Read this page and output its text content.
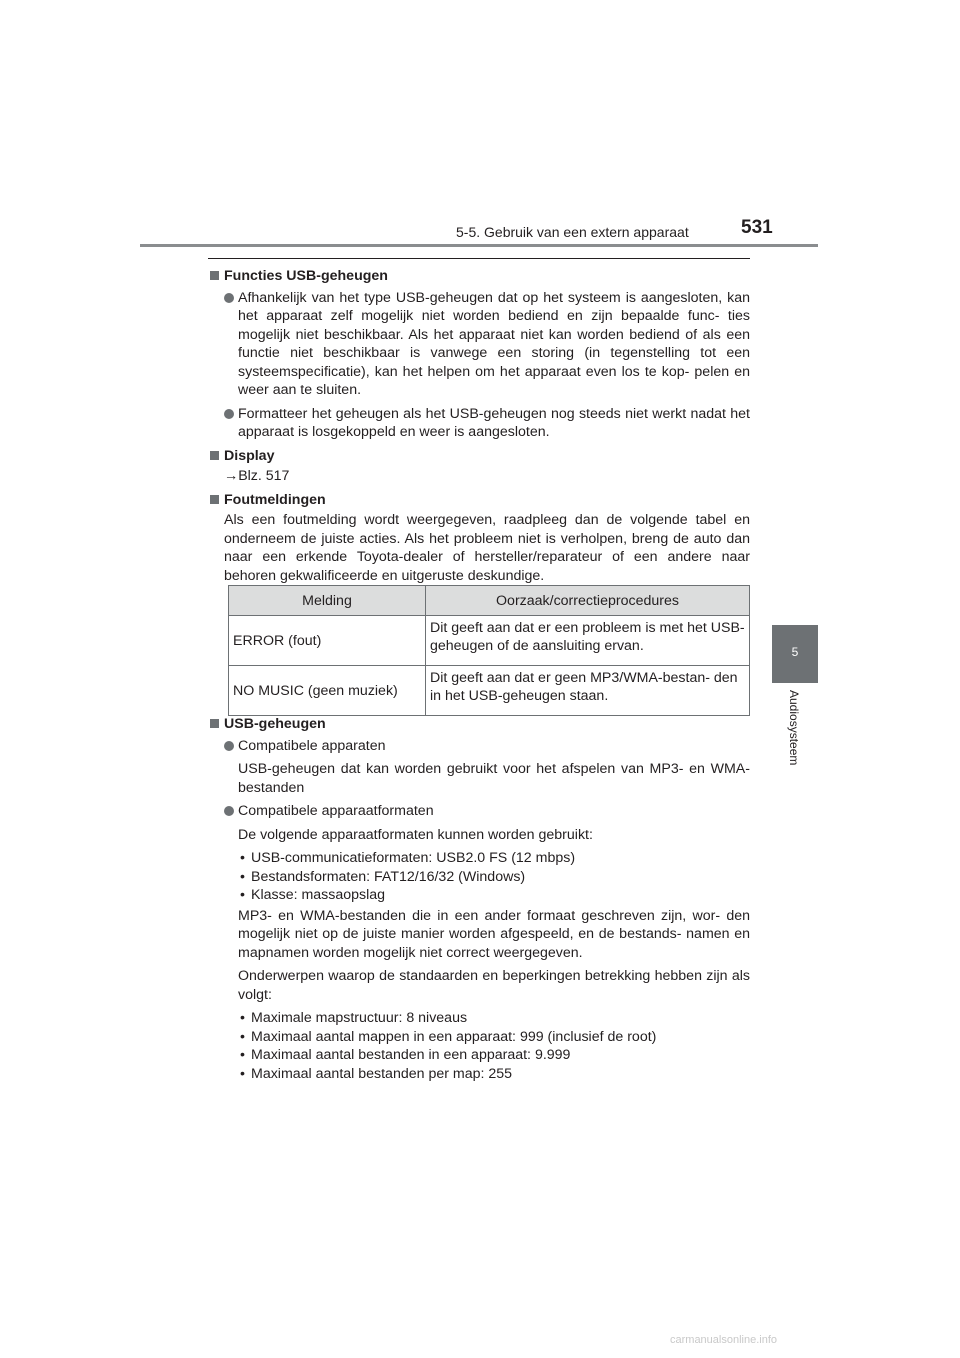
5-5. Gebruik van een extern apparaat	531
5
Audiosysteem
Functies USB-geheugen
Afhankelijk van het type USB-geheugen dat op het systeem is aangesloten, kan het apparaat zelf mogelijk niet worden bediend en zijn bepaalde func- ties mogelijk niet beschikbaar. Als het apparaat niet kan worden bediend of als een functie niet beschikbaar is vanwege een storing (in tegenstelling tot een systeemspecificatie), kan het helpen om het apparaat even los te kop- pelen en weer aan te sluiten.
Formatteer het geheugen als het USB-geheugen nog steeds niet werkt nadat het apparaat is losgekoppeld en weer is aangesloten.
Display
→Blz. 517
Foutmeldingen
Als een foutmelding wordt weergegeven, raadpleeg dan de volgende tabel en onderneem de juiste acties. Als het probleem niet is verholpen, breng de auto dan naar een erkende Toyota-dealer of hersteller/reparateur of een andere naar behoren gekwalificeerde en uitgeruste deskundige.
Melding	Oorzaak/correctieprocedures
ERROR (fout)	Dit geeft aan dat er een probleem is met het USB-geheugen of de aansluiting ervan.
NO MUSIC (geen muziek)	Dit geeft aan dat er geen MP3/WMA-bestan- den in het USB-geheugen staan.
USB-geheugen
Compatibele apparaten
USB-geheugen dat kan worden gebruikt voor het afspelen van MP3- en WMA-bestanden
Compatibele apparaatformaten
De volgende apparaatformaten kunnen worden gebruikt:
• USB-communicatieformaten: USB2.0 FS (12 mbps)
• Bestandsformaten: FAT12/16/32 (Windows)
• Klasse: massaopslag
MP3- en WMA-bestanden die in een ander formaat geschreven zijn, wor- den mogelijk niet op de juiste manier worden afgespeeld, en de bestands- namen en mapnamen worden mogelijk niet correct weergegeven.
Onderwerpen waarop de standaarden en beperkingen betrekking hebben zijn als volgt:
• Maximale mapstructuur: 8 niveaus
• Maximaal aantal mappen in een apparaat: 999 (inclusief de root)
• Maximaal aantal bestanden in een apparaat: 9.999
• Maximaal aantal bestanden per map: 255
carmanualsonline.info
